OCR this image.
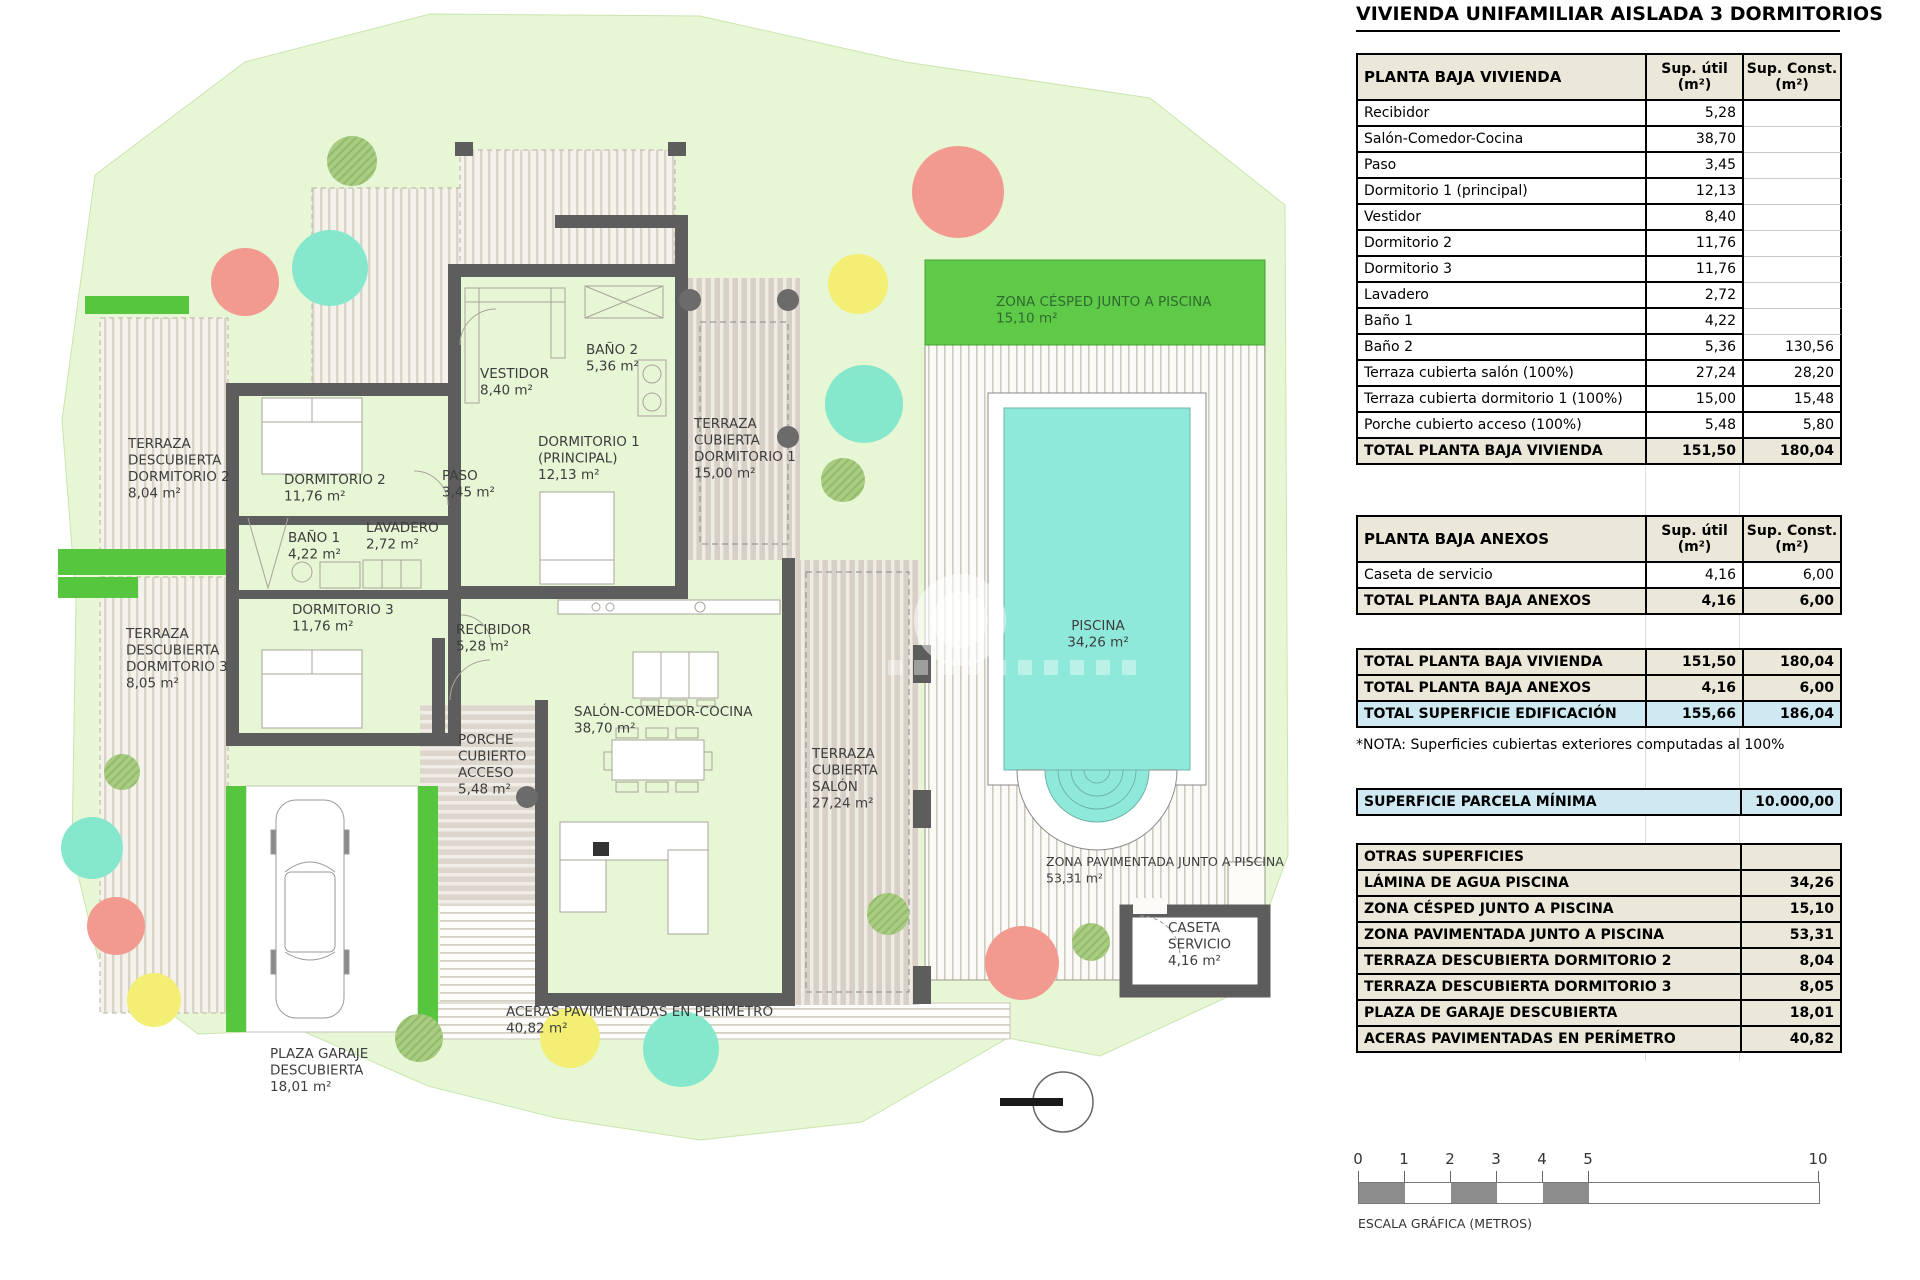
TERRAZA DESCUBIERTA DORMITORIO 2 8,04 m²
TERRAZA DESCUBIERTA DORMITORIO 3 8,05 m²
DORMITORIO 2 11,76 m²
BAÑO 1 4,22 m²
LAVADERO 2,72 m²
DORMITORIO 3 11,76 m²
VESTIDOR 8,40 m²
BAÑO 2 5,36 m²
PASO 3,45 m²
DORMITORIO 1 (PRINCIPAL) 12,13 m²
RECIBIDOR 5,28 m²
SALÓN-COMEDOR-COCINA 38,70 m²
PORCHE CUBIERTO ACCESO 5,48 m²
TERRAZA CUBIERTA DORMITORIO 1 15,00 m²
TERRAZA CUBIERTA SALÓN 27,24 m²
ZONA CÉSPED JUNTO A PISCINA 15,10 m²
PISCINA 34,26 m²
ZONA PAVIMENTADA JUNTO A PISCINA 53,31 m²
CASETA SERVICIO 4,16 m²
ACERAS PAVIMENTADAS EN PERÍMETRO 40,82 m²
PLAZA GARAJE DESCUBIERTA 18,01 m²
VIVIENDA UNIFAMILIAR AISLADA 3 DORMITORIOS
PLANTA BAJA VIVIENDA	Sup. útil
(m²)

Sup. Const.
(m²)

Recibidor	5,28	
Salón-Comedor-Cocina	38,70	
Paso	3,45	
Dormitorio 1 (principal)	12,13	
Vestidor	8,40	
Dormitorio 2	11,76	
Dormitorio 3	11,76	
Lavadero	2,72	
Baño 1	4,22	
Baño 2	5,36	130,56
Terraza cubierta salón (100%)	27,24	28,20
Terraza cubierta dormitorio 1 (100%)	15,00	15,48
Porche cubierto acceso (100%)	5,48	5,80
TOTAL PLANTA BAJA VIVIENDA	151,50	180,04
PLANTA BAJA ANEXOS	Sup. útil
(m²)

Sup. Const.
(m²)

Caseta de servicio	4,16	6,00
TOTAL PLANTA BAJA ANEXOS	4,16	6,00
TOTAL PLANTA BAJA VIVIENDA	151,50	180,04
TOTAL PLANTA BAJA ANEXOS	4,16	6,00
TOTAL SUPERFICIE EDIFICACIÓN	155,66	186,04
*NOTA: Superficies cubiertas exteriores computadas al 100%
SUPERFICIE PARCELA MÍNIMA	10.000,00
OTRAS SUPERFICIES	
LÁMINA DE AGUA PISCINA	34,26
ZONA CÉSPED JUNTO A PISCINA	15,10
ZONA PAVIMENTADA JUNTO A PISCINA	53,31
TERRAZA DESCUBIERTA DORMITORIO 2	8,04
TERRAZA DESCUBIERTA DORMITORIO 3	8,05
PLAZA DE GARAJE DESCUBIERTA	18,01
ACERAS PAVIMENTADAS EN PERÍMETRO	40,82
0 1 2 3 4 5	10
ESCALA GRÁFICA (METROS)
